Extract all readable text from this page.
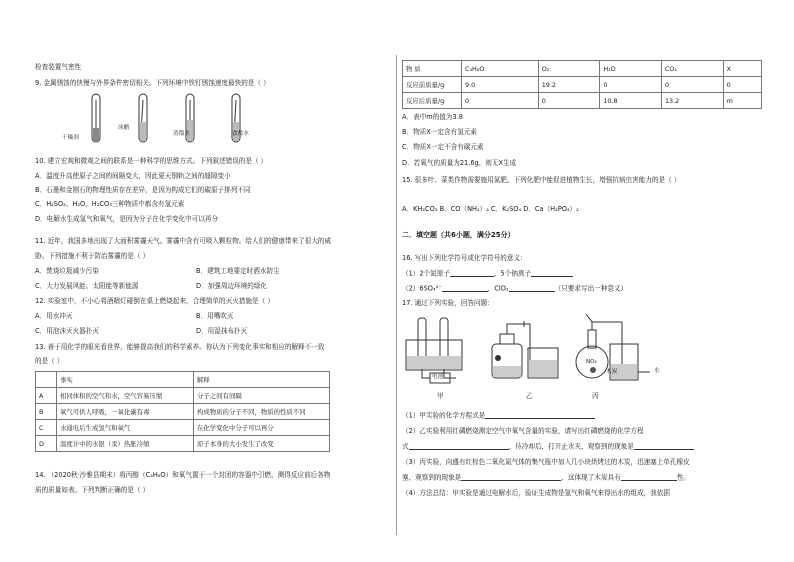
检查装置气密性
9. 金属锈蚀的快慢与外界条件密切相关。下列环境中铁钉锈蚀速度最快的是（ ）
干燥剂
冰醋
蒸馏水	食盐水
10. 建立宏观和微观之间的联系是一种科学的思维方式。下列叙述错误的是（ ）
A．温度升高使原子之间的间隔变大，因此夏天钢轨之间的缝隙变小
B．石墨和金刚石的物理性质存在差异，是因为构成它们的碳原子排列不同
C．H₂SO₄、H₂O、H₂CO₃三种物质中都含有氢元素
D．电解水生成氢气和氧气，是因为分子在化学变化中可以再分
11. 近年，我国多地出现了大面积雾霾天气。雾霾中含有可吸入颗粒物。给人们的健康带来了很大的威
胁。下列措施不利于防治雾霾的是（ ）
A．焚烧垃圾减少污染	B．建筑工地要定时洒水防尘
C．大力发展风能、太阳能等新能源	D．加强周边环境的绿化
12. 实验室中，不小心将酒精灯碰倒在桌上燃烧起来，合理简单的灭火措施是（ ）
A．用水冲灭	B．用嘴吹灭
C．用泡沫灭火器扑灭	D．用湿抹布扑灭
13. 善于用化学的眼光看世界，能够提高我们的科学素养。你认为下列变化事实和相应的解释不一致
的是（ ）
	事实	解释
A	相同体积的空气和水，空气容易压缩	分子之间有间隔
B	氧气可供人呼吸，一氧化碳有毒	构成物质的分子不同，物质的性质不同
C	水通电后生成氢气和氧气	在化学变化中分子可以再分
D	温度计中的水银（汞）热胀冷缩	原子本身的大小发生了改变
14. （2020秋·沙雅县期末）将丙醇（C₃H₈O）和氧气置于一个封闭的容器中引燃，测得反应前后各物
质的质量如表。下列判断正确的是（ ）
物 质	C₃H₈O	O₂	H₂O	CO₂	X
反应前质量/g	9.0	19.2	0	0	0
反应后质量/g	0	0	10.8	13.2	m
A．表中m的值为3.8
B．物质X一定含有氢元素
C．物质X一定不含有碳元素
D．若氧气的质量为21.6g，则无X生成
15. 很多叶、菜类作物需要施用氮肥。下列化肥中能促进植物生长，增强抗病虫害能力的是（ ）
A．KH₂CO₃ B．CO（NH₂）₂ C．K₂SO₄ D．Ca（H₂PO₄）₂
二．填空题（共6小题，满分25分）
16. 写出下列化学符号或化学符号的意义：
（1）2个氮原子	，5个钠离子
（2）6SO₄²⁻	，ClO₂	（只要求写出一种意义）
17. 通过下列实验，回答问题：
电池
NO₂
木炭	水
甲	乙	丙
（1）甲实验的化学方程式是
（2）乙实验利用红磷燃烧测定空气中氧气含量的实验，请写出红磷燃烧的化学方程
式	，待冷却后，打开止水夹，观察到的现象是
（3）丙实验，向盛有红棕色二氧化氮气体的集气瓶中加入几小块烘烤过的木炭，迅速塞上单孔橡皮
塞，观察到的现象是	，这体现了木炭具有	性。
（4）方法总结：甲实验是通过电解水后，验证生成物是氢气和氧气来得出水的组成，我依据
